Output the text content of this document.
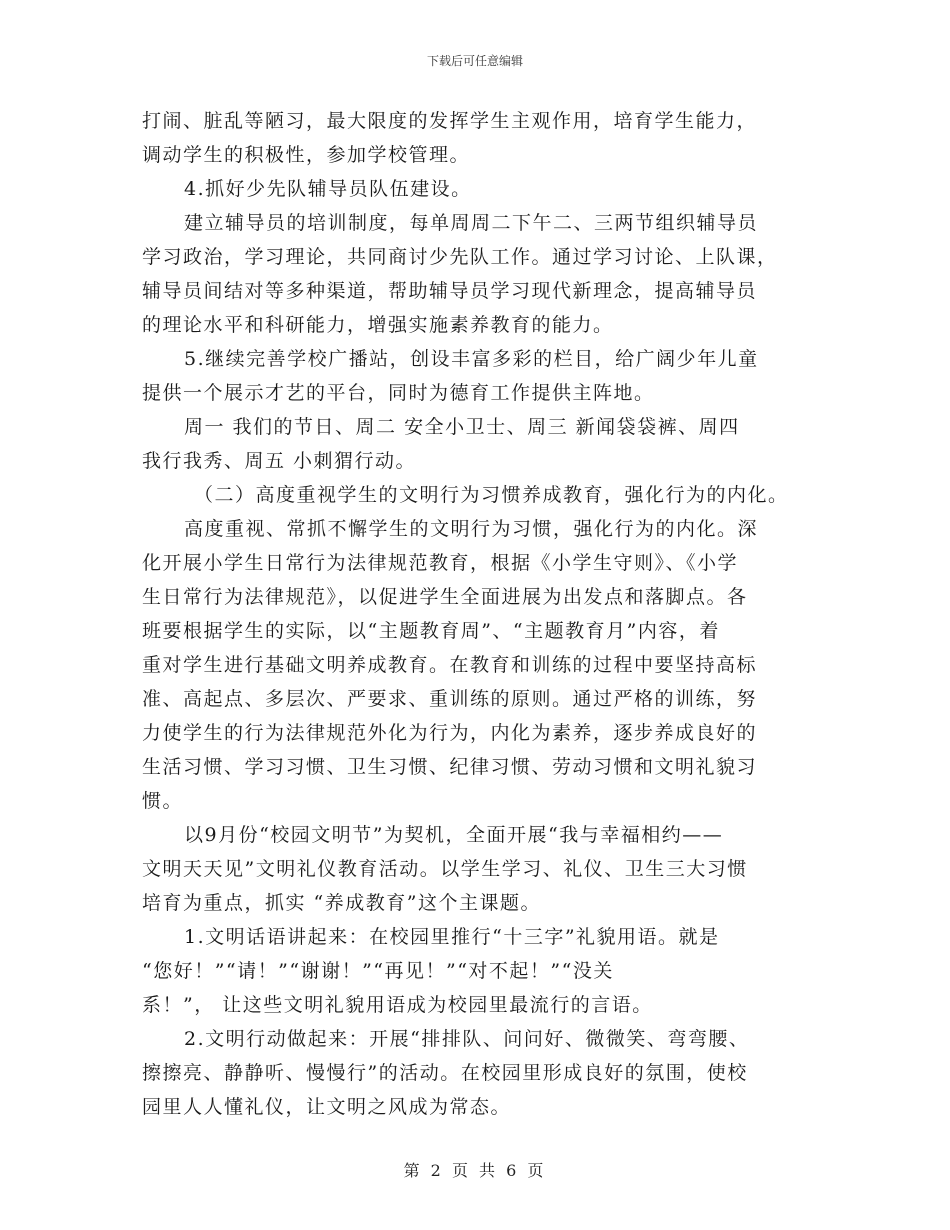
下载后可任意编辑
打闹、脏乱等陋习，最大限度的发挥学生主观作用，培育学生能力，
调动学生的积极性，参加学校管理。
4.抓好少先队辅导员队伍建设。
建立辅导员的培训制度，每单周周二下午二、三两节组织辅导员
学习政治，学习理论，共同商讨少先队工作。通过学习讨论、上队课，
辅导员间结对等多种渠道，帮助辅导员学习现代新理念，提高辅导员
的理论水平和科研能力，增强实施素养教育的能力。
5.继续完善学校广播站，创设丰富多彩的栏目，给广阔少年儿童
提供一个展示才艺的平台，同时为德育工作提供主阵地。
周一 我们的节日、周二 安全小卫士、周三 新闻袋袋裤、周四
我行我秀、周五 小刺猬行动。
（二）高度重视学生的文明行为习惯养成教育，强化行为的内化。
高度重视、常抓不懈学生的文明行为习惯，强化行为的内化。深
化开展小学生日常行为法律规范教育，根据《小学生守则》、《小学
生日常行为法律规范》，以促进学生全面进展为出发点和落脚点。各
班要根据学生的实际，以“主题教育周”、“主题教育月”内容，着
重对学生进行基础文明养成教育。在教育和训练的过程中要坚持高标
准、高起点、多层次、严要求、重训练的原则。通过严格的训练，努
力使学生的行为法律规范外化为行为，内化为素养，逐步养成良好的
生活习惯、学习习惯、卫生习惯、纪律习惯、劳动习惯和文明礼貌习
惯。
以9月份“校园文明节”为契机，全面开展“我与幸福相约——
文明天天见”文明礼仪教育活动。以学生学习、礼仪、卫生三大习惯
培育为重点，抓实 “养成教育”这个主课题。
1.文明话语讲起来：在校园里推行“十三字”礼貌用语。就是
“您好！”“请！”“谢谢！”“再见！”“对不起！”“没关
系！”， 让这些文明礼貌用语成为校园里最流行的言语。
2.文明行动做起来：开展“排排队、问问好、微微笑、弯弯腰、
擦擦亮、静静听、慢慢行”的活动。在校园里形成良好的氛围，使校
园里人人懂礼仪，让文明之风成为常态。
第 2 页 共 6 页
